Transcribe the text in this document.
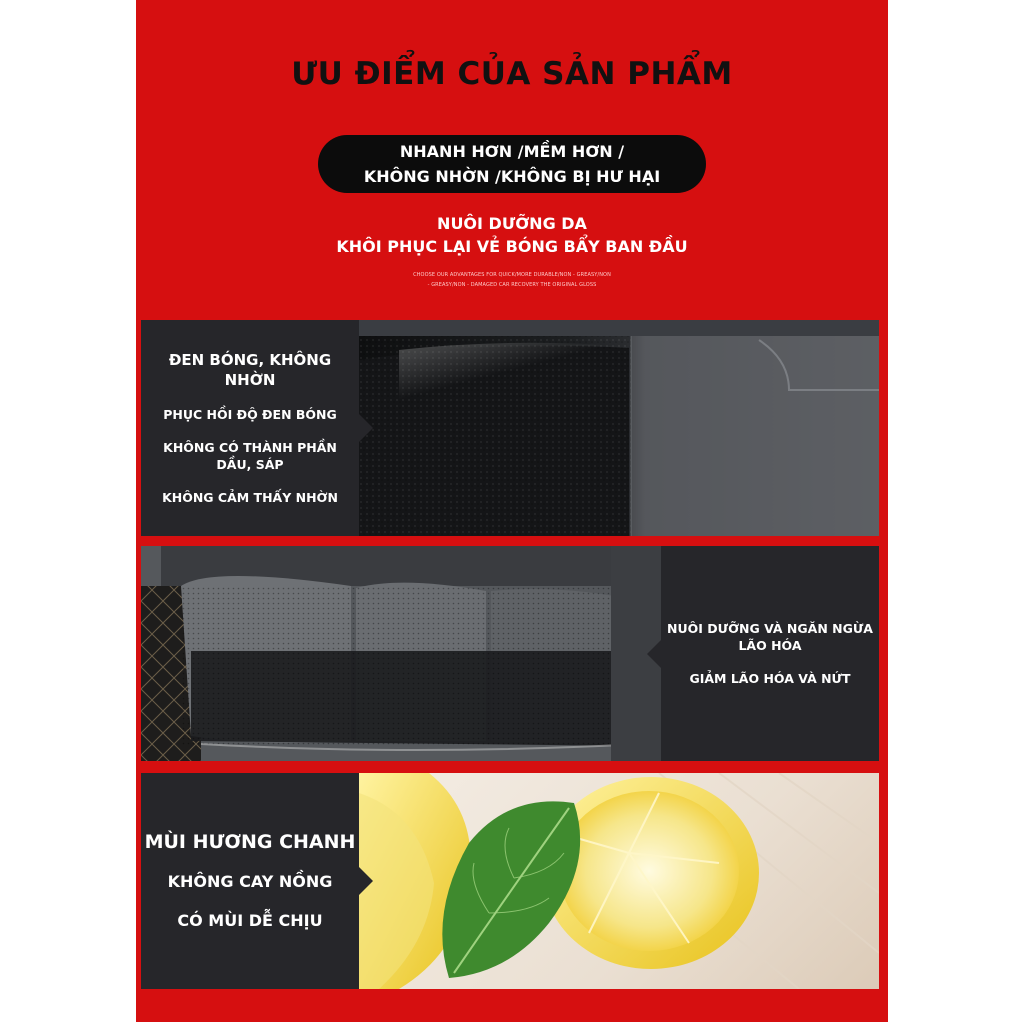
ƯU ĐIỂM CỦA SẢN PHẨM
NHANH HƠN /MỀM HƠN /
KHÔNG NHỜN /KHÔNG BỊ HƯ HẠI
NUÔI DƯỠNG DA
KHÔI PHỤC LẠI VẺ BÓNG BẨY BAN ĐẦU
CHOOSE OUR ADVANTAGES FOR QUICK/MORE DURABLE/NON - GREASY/NON
- GREASY/NON - DAMAGED CAR RECOVERY THE ORIGINAL GLOSS
ĐEN BÓNG, KHÔNG NHỜN
PHỤC HỒI ĐỘ ĐEN BÓNG
KHÔNG CÓ THÀNH PHẦN
DẦU, SÁP
KHÔNG CẢM THẤY NHỜN
NUÔI DƯỠNG VÀ NGĂN NGỪA
LÃO HÓA
GIẢM LÃO HÓA VÀ NỨT
MÙI HƯƠNG CHANH
KHÔNG CAY NỒNG
CÓ MÙI DỄ CHỊU
